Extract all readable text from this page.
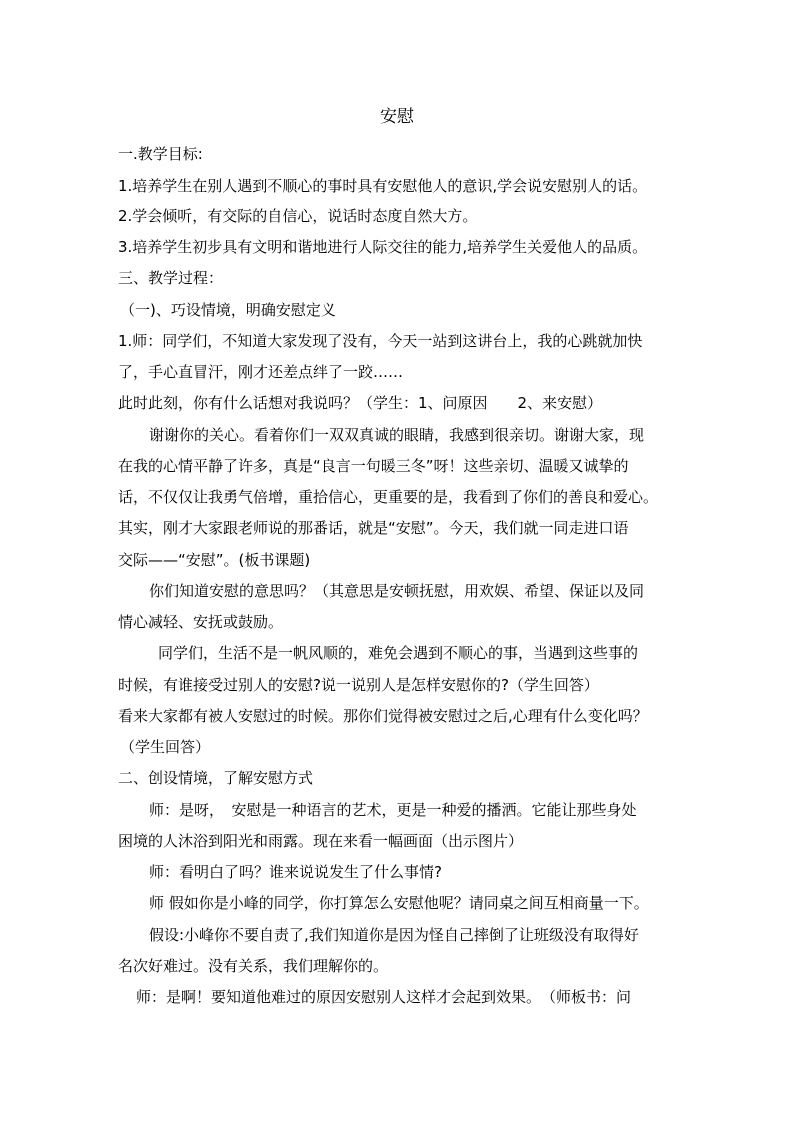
安慰
一.教学目标:
1.培养学生在别人遇到不顺心的事时具有安慰他人的意识,学会说安慰别人的话。
2.学会倾听，有交际的自信心，说话时态度自然大方。
3.培养学生初步具有文明和谐地进行人际交往的能力,培养学生关爱他人的品质。
三、教学过程：
（一)、巧设情境，明确安慰定义
1.师：同学们，不知道大家发现了没有，今天一站到这讲台上，我的心跳就加快
了，手心直冒汗，刚才还差点绊了一跤……
此时此刻，你有什么话想对我说吗？（学生：1、问原因　　2、来安慰）
谢谢你的关心。看着你们一双双真诚的眼睛，我感到很亲切。谢谢大家，现
在我的心情平静了许多，真是“良言一句暖三冬”呀！这些亲切、温暖又诚挚的
话，不仅仅让我勇气倍增，重拾信心，更重要的是，我看到了你们的善良和爱心。
其实，刚才大家跟老师说的那番话，就是“安慰”。今天，我们就一同走进口语
交际——“安慰”。(板书课题)
你们知道安慰的意思吗？（其意思是安顿抚慰，用欢娱、希望、保证以及同
情心减轻、安抚或鼓励。
同学们，生活不是一帆风顺的，难免会遇到不顺心的事，当遇到这些事的
时候，有谁接受过别人的安慰?说一说别人是怎样安慰你的?（学生回答）
看来大家都有被人安慰过的时候。那你们觉得被安慰过之后,心理有什么变化吗？
（学生回答）
二、创设情境，了解安慰方式
师：是呀，　安慰是一种语言的艺术，更是一种爱的播洒。它能让那些身处
困境的人沐浴到阳光和雨露。现在来看一幅画面（出示图片）
师：看明白了吗？谁来说说发生了什么事情?
师 假如你是小峰的同学，你打算怎么安慰他呢？请同桌之间互相商量一下。
假设:小峰你不要自责了,我们知道你是因为怪自己摔倒了让班级没有取得好
名次好难过。没有关系，我们理解你的。
师：是啊！要知道他难过的原因安慰别人这样才会起到效果。　（师板书：问
